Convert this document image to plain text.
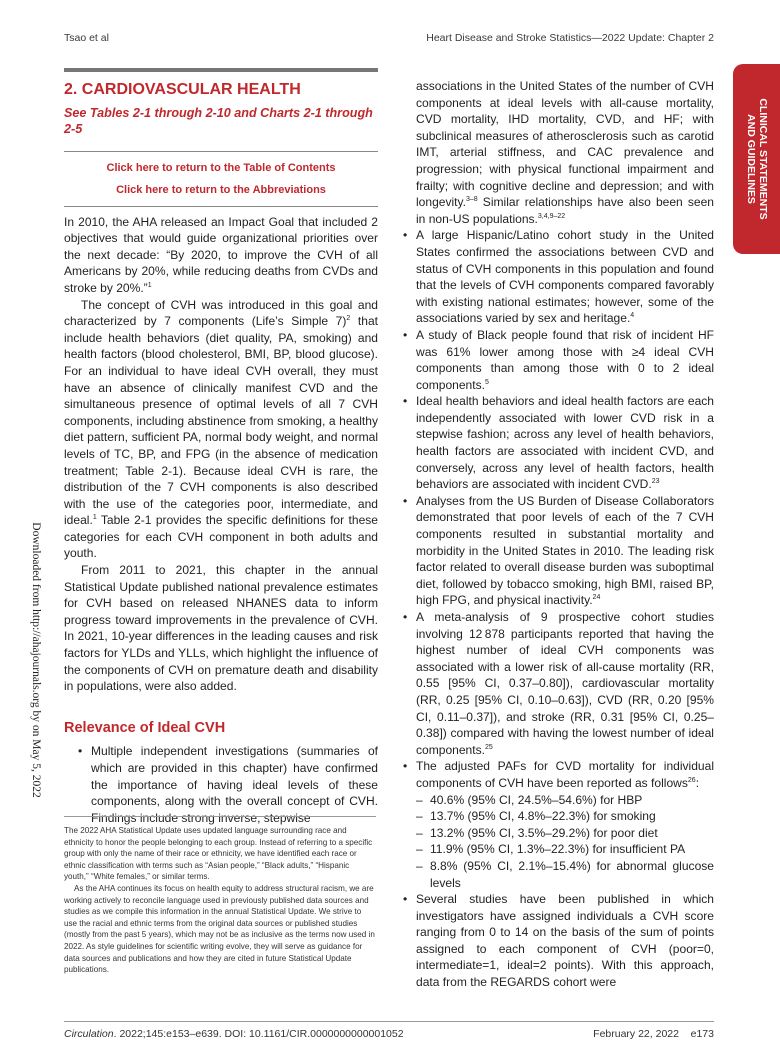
Tsao et al	Heart Disease and Stroke Statistics—2022 Update: Chapter 2
CLINICAL STATEMENTS
AND GUIDELINES
Downloaded from http://ahajournals.org by on May 5, 2022
2. CARDIOVASCULAR HEALTH
See Tables 2-1 through 2-10 and Charts 2-1 through 2-5
Click here to return to the Table of Contents
Click here to return to the Abbreviations

In 2010, the AHA released an Impact Goal that included 2 objectives that would guide organizational priorities over the next decade: “By 2020, to improve the CVH of all Americans by 20%, while reducing deaths from CVDs and stroke by 20%.”$^1$

The concept of CVH was introduced in this goal and characterized by 7 components (Life’s Simple 7)$^2$ that include health behaviors (diet quality, PA, smoking) and health factors (blood cholesterol, BMI, BP, blood glucose). For an individual to have ideal CVH overall, they must have an absence of clinically manifest CVD and the simultaneous presence of optimal levels of all 7 CVH components, including abstinence from smoking, a healthy diet pattern, sufficient PA, normal body weight, and normal levels of TC, BP, and FPG (in the absence of medication treatment; Table 2-1). Because ideal CVH is rare, the distribution of the 7 CVH components is also described with the use of the categories poor, intermediate, and ideal.$^1$ Table 2-1 provides the specific definitions for these categories for each CVH component in both adults and youth.

From 2011 to 2021, this chapter in the annual Statistical Update published national prevalence estimates for CVH based on released NHANES data to inform progress toward improvements in the prevalence of CVH. In 2021, 10-year differences in the leading causes and risk factors for YLDs and YLLs, which highlight the influence of the components of CVH on premature death and disability in populations, were also added.

Relevance of Ideal CVH
• Multiple independent investigations (summaries of which are provided in this chapter) have confirmed the importance of having ideal levels of these components, along with the overall concept of CVH. Findings include strong inverse, stepwise

The 2022 AHA Statistical Update uses updated language surrounding race and ethnicity to honor the people belonging to each group. Instead of referring to a specific group with only the name of their race or ethnicity, we have identified each race or ethnic classification with terms such as “Asian people,” “Black adults,” “Hispanic youth,” “White females,” or similar terms.

As the AHA continues its focus on health equity to address structural racism, we are working actively to reconcile language used in previously published data sources and studies as we compile this information in the annual Statistical Update. We strive to use the racial and ethnic terms from the original data sources or published studies (mostly from the past 5 years), which may not be as inclusive as the terms now used in 2022. As style guidelines for scientific writing evolve, they will serve as guidance for data sources and publications and how they are cited in future Statistical Update publications.

associations in the United States of the number of CVH components at ideal levels with all-cause mortality, CVD mortality, IHD mortality, CVD, and HF; with subclinical measures of atherosclerosis such as carotid IMT, arterial stiffness, and CAC prevalence and progression; with physical functional impairment and frailty; with cognitive decline and depression; and with longevity.$^{3-8}$ Similar relationships have also been seen in non-US populations.$^{3,4,9-22}$

• A large Hispanic/Latino cohort study in the United States confirmed the associations between CVD and status of CVH components in this population and found that the levels of CVH components compared favorably with existing national estimates; however, some of the associations varied by sex and heritage.$^4$
• A study of Black people found that risk of incident HF was 61% lower among those with ≥4 ideal CVH components than among those with 0 to 2 ideal components.$^5$
• Ideal health behaviors and ideal health factors are each independently associated with lower CVD risk in a stepwise fashion; across any level of health behaviors, health factors are associated with incident CVD, and conversely, across any level of health factors, health behaviors are associated with incident CVD.$^{23}$
• Analyses from the US Burden of Disease Collaborators demonstrated that poor levels of each of the 7 CVH components resulted in substantial mortality and morbidity in the United States in 2010. The leading risk factor related to overall disease burden was suboptimal diet, followed by tobacco smoking, high BMI, raised BP, high FPG, and physical inactivity.$^{24}$
• A meta-analysis of 9 prospective cohort studies involving 12 878 participants reported that having the highest number of ideal CVH components was associated with a lower risk of all-cause mortality (RR, 0.55 [95% CI, 0.37–0.80]), cardiovascular mortality (RR, 0.25 [95% CI, 0.10–0.63]), CVD (RR, 0.20 [95% CI, 0.11–0.37]), and stroke (RR, 0.31 [95% CI, 0.25–0.38]) compared with having the lowest number of ideal components.$^{25}$
• The adjusted PAFs for CVD mortality for individual components of CVH have been reported as follows$^{26}$:
– 40.6% (95% CI, 24.5%–54.6%) for HBP
– 13.7% (95% CI, 4.8%–22.3%) for smoking
– 13.2% (95% CI, 3.5%–29.2%) for poor diet
– 11.9% (95% CI, 1.3%–22.3%) for insufficient PA
– 8.8% (95% CI, 2.1%–15.4%) for abnormal glucose levels
• Several studies have been published in which investigators have assigned individuals a CVH score ranging from 0 to 14 on the basis of the sum of points assigned to each component of CVH (poor=0, intermediate=1, ideal=2 points). With this approach, data from the REGARDS cohort were
Circulation. 2022;145:e153–e639. DOI: 10.1161/CIR.0000000000001052	February 22, 2022    e173
